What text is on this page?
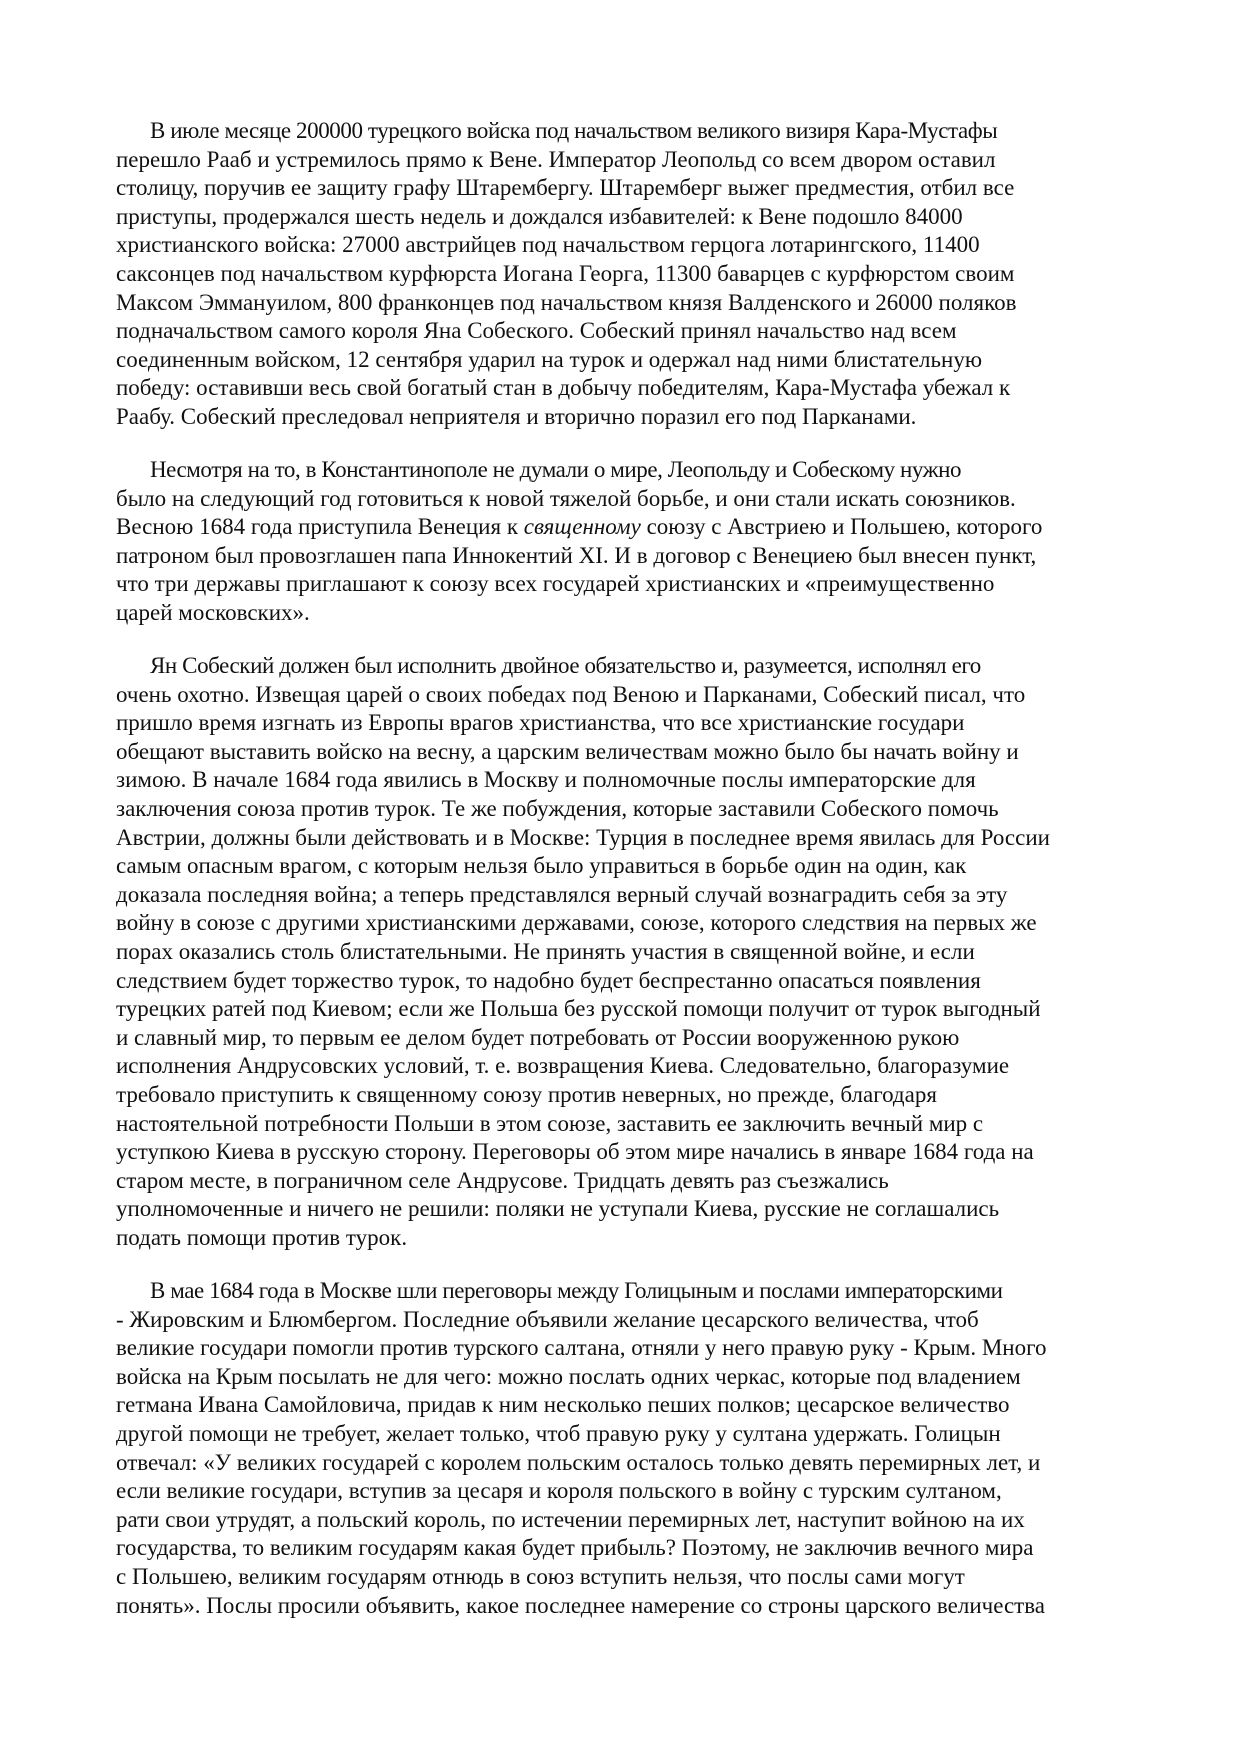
В июле месяце 200000 турецкого войска под начальством великого визиря Кара-Мустафы
перешло Рааб и устремилось прямо к Вене. Император Леопольд со всем двором оставил
столицу, поручив ее защиту графу Штарембергу. Штаремберг выжег предместия, отбил все
приступы, продержался шесть недель и дождался избавителей: к Вене подошло 84000
христианского войска: 27000 австрийцев под начальством герцога лотарингского, 11400
саксонцев под начальством курфюрста Иогана Георга, 11300 баварцев с курфюрстом своим
Максом Эммануилом, 800 франконцев под начальством князя Валденского и 26000 поляков
подначальством самого короля Яна Собеского. Собеский принял начальство над всем
соединенным войском, 12 сентября ударил на турок и одержал над ними блистательную
победу: оставивши весь свой богатый стан в добычу победителям, Кара-Мустафа убежал к
Раабу. Собеский преследовал неприятеля и вторично поразил его под Парканами.

Несмотря на то, в Константинополе не думали о мире, Леопольду и Собескому нужно
было на следующий год готовиться к новой тяжелой борьбе, и они стали искать союзников.
Весною 1684 года приступила Венеция к священному союзу с Австриею и Польшею, которого
патроном был провозглашен папа Иннокентий XI. И в договор с Венециею был внесен пункт,
что три державы приглашают к союзу всех государей христианских и «преимущественно
царей московских».

Ян Собеский должен был исполнить двойное обязательство и, разумеется, исполнял его
очень охотно. Извещая царей о своих победах под Веною и Парканами, Собеский писал, что
пришло время изгнать из Европы врагов христианства, что все христианские государи
обещают выставить войско на весну, а царским величествам можно было бы начать войну и
зимою. В начале 1684 года явились в Москву и полномочные послы императорские для
заключения союза против турок. Те же побуждения, которые заставили Собеского помочь
Австрии, должны были действовать и в Москве: Турция в последнее время явилась для России
самым опасным врагом, с которым нельзя было управиться в борьбе один на один, как
доказала последняя война; а теперь представлялся верный случай вознаградить себя за эту
войну в союзе с другими христианскими державами, союзе, которого следствия на первых же
порах оказались столь блистательными. Не принять участия в священной войне, и если
следствием будет торжество турок, то надобно будет беспрестанно опасаться появления
турецких ратей под Киевом; если же Польша без русской помощи получит от турок выгодный
и славный мир, то первым ее делом будет потребовать от России вооруженною рукою
исполнения Андрусовских условий, т. е. возвращения Киева. Следовательно, благоразумие
требовало приступить к священному союзу против неверных, но прежде, благодаря
настоятельной потребности Польши в этом союзе, заставить ее заключить вечный мир с
уступкою Киева в русскую сторону. Переговоры об этом мире начались в январе 1684 года на
старом месте, в пограничном селе Андрусове. Тридцать девять раз съезжались
уполномоченные и ничего не решили: поляки не уступали Киева, русские не соглашались
подать помощи против турок.

В мае 1684 года в Москве шли переговоры между Голицыным и послами императорскими
- Жировским и Блюмбергом. Последние объявили желание цесарского величества, чтоб
великие государи помогли против турского салтана, отняли у него правую руку - Крым. Много
войска на Крым посылать не для чего: можно послать одних черкас, которые под владением
гетмана Ивана Самойловича, придав к ним несколько пеших полков; цесарское величество
другой помощи не требует, желает только, чтоб правую руку у султана удержать. Голицын
отвечал: «У великих государей с королем польским осталось только девять перемирных лет, и
если великие государи, вступив за цесаря и короля польского в войну с турским султаном,
рати свои утрудят, а польский король, по истечении перемирных лет, наступит войною на их
государства, то великим государям какая будет прибыль? Поэтому, не заключив вечного мира
с Польшею, великим государям отнюдь в союз вступить нельзя, что послы сами могут
понять». Послы просили объявить, какое последнее намерение со строны царского величества
